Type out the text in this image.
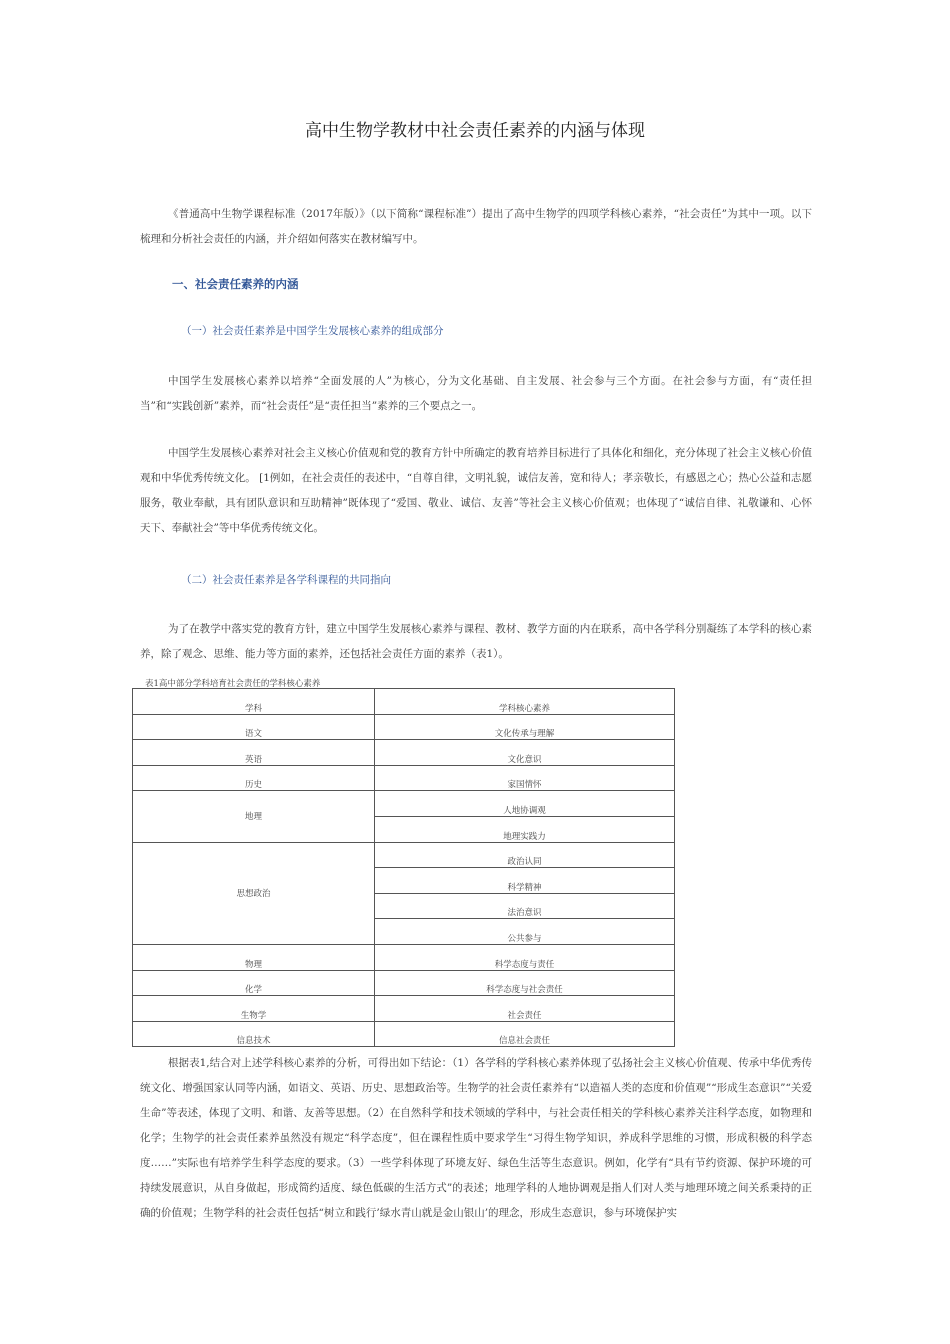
高中生物学教材中社会责任素养的内涵与体现

《普通高中生物学课程标准（2017年版）》（以下简称“课程标准”）提出了高中生物学的四项学科核心素养，“社会责任”为其中一项。以下梳理和分析社会责任的内涵，并介绍如何落实在教材编写中。

一、社会责任素养的内涵

（一）社会责任素养是中国学生发展核心素养的组成部分

中国学生发展核心素养以培养“全面发展的人”为核心，分为文化基础、自主发展、社会参与三个方面。在社会参与方面，有“责任担当”和“实践创新”素养，而“社会责任”是“责任担当”素养的三个要点之一。

中国学生发展核心素养对社会主义核心价值观和党的教育方针中所确定的教育培养目标进行了具体化和细化，充分体现了社会主义核心价值观和中华优秀传统文化。 [1例如，在社会责任的表述中，“自尊自律，文明礼貌，诚信友善，宽和待人；孝亲敬长，有感恩之心；热心公益和志愿服务，敬业奉献，具有团队意识和互助精神”既体现了“爱国、敬业、诚信、友善”等社会主义核心价值观；也体现了“诚信自律、礼敬谦和、心怀天下、奉献社会”等中华优秀传统文化。

（二）社会责任素养是各学科课程的共同指向

为了在教学中落实党的教育方针，建立中国学生发展核心素养与课程、教材、教学方面的内在联系，高中各学科分别凝练了本学科的核心素养，除了观念、思维、能力等方面的素养，还包括社会责任方面的素养（表1）。

表1高中部分学科培育社会责任的学科核心素养

学科	学科核心素养
语文	文化传承与理解
英语	文化意识
历史	家国情怀
地理	人地协调观
	地理实践力
思想政治	政治认同
	科学精神
	法治意识
	公共参与
物理	科学态度与责任
化学	科学态度与社会责任
生物学	社会责任
信息技术	信息社会责任

根据表1,结合对上述学科核心素养的分析，可得出如下结论：（1）各学科的学科核心素养体现了弘扬社会主义核心价值观、传承中华优秀传统文化、增强国家认同等内涵，如语文、英语、历史、思想政治等。生物学的社会责任素养有“以造福人类的态度和价值观”“形成生态意识”“关爱生命”等表述，体现了文明、和谐、友善等思想。（2）在自然科学和技术领域的学科中，与社会责任相关的学科核心素养关注科学态度，如物理和化学；生物学的社会责任素养虽然没有规定“科学态度”，但在课程性质中要求学生“习得生物学知识，养成科学思维的习惯，形成积极的科学态度……”实际也有培养学生科学态度的要求。（3）一些学科体现了环境友好、绿色生活等生态意识。例如，化学有“具有节约资源、保护环境的可持续发展意识，从自身做起，形成简约适度、绿色低碳的生活方式”的表述；地理学科的人地协调观是指人们对人类与地理环境之间关系秉持的正确的价值观；生物学科的社会责任包括“树立和践行’绿水青山就是金山银山’的理念，形成生态意识，参与环境保护实
